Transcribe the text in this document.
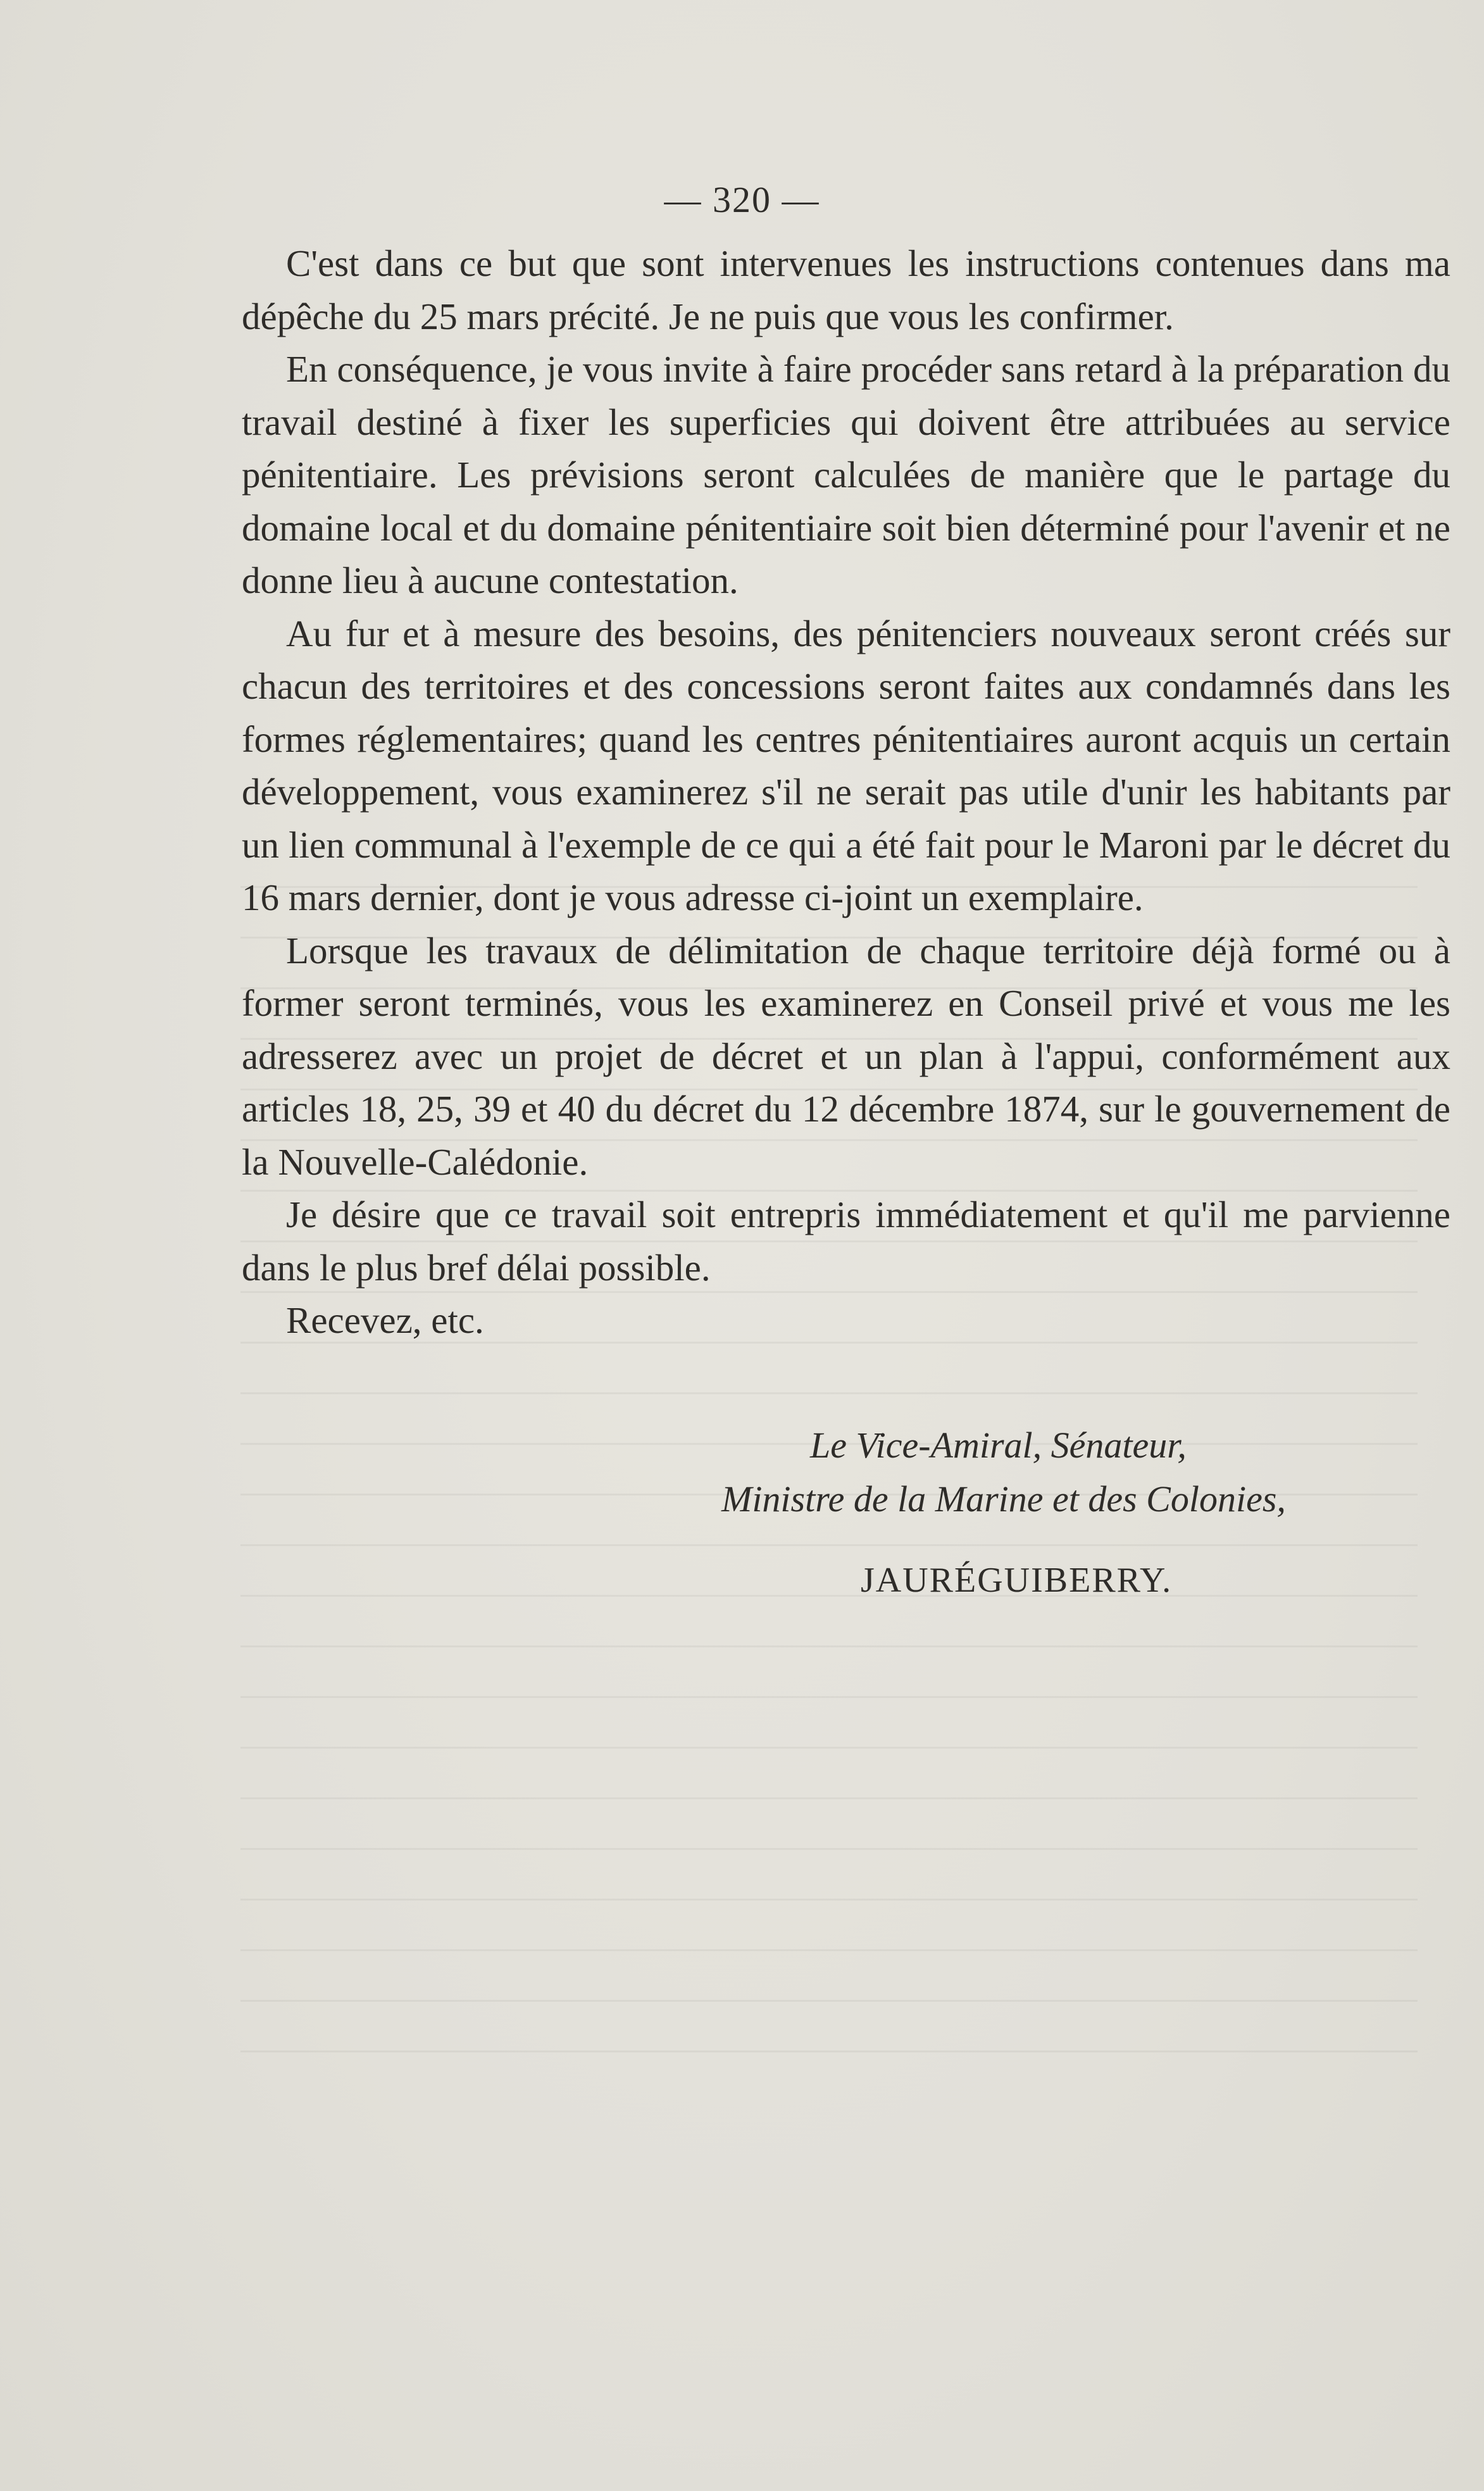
— 320 —

C'est dans ce but que sont intervenues les instructions contenues dans ma dépêche du 25 mars précité. Je ne puis que vous les confirmer.

En conséquence, je vous invite à faire procéder sans retard à la préparation du travail destiné à fixer les superficies qui doivent être attribuées au service pénitentiaire. Les prévisions seront calculées de manière que le partage du domaine local et du domaine pénitentiaire soit bien déterminé pour l'avenir et ne donne lieu à aucune contestation.

Au fur et à mesure des besoins, des pénitenciers nouveaux seront créés sur chacun des territoires et des concessions seront faites aux condamnés dans les formes réglementaires; quand les centres pénitentiaires auront acquis un certain développement, vous examinerez s'il ne serait pas utile d'unir les habitants par un lien communal à l'exemple de ce qui a été fait pour le Maroni par le décret du 16 mars dernier, dont je vous adresse ci-joint un exemplaire.

Lorsque les travaux de délimitation de chaque territoire déjà formé ou à former seront terminés, vous les examinerez en Conseil privé et vous me les adresserez avec un projet de décret et un plan à l'appui, conformément aux articles 18, 25, 39 et 40 du décret du 12 décembre 1874, sur le gouvernement de la Nouvelle-Calédonie.

Je désire que ce travail soit entrepris immédiatement et qu'il me parvienne dans le plus bref délai possible.

Recevez, etc.

Le Vice-Amiral, Sénateur,
Ministre de la Marine et des Colonies,
JAURÉGUIBERRY.
